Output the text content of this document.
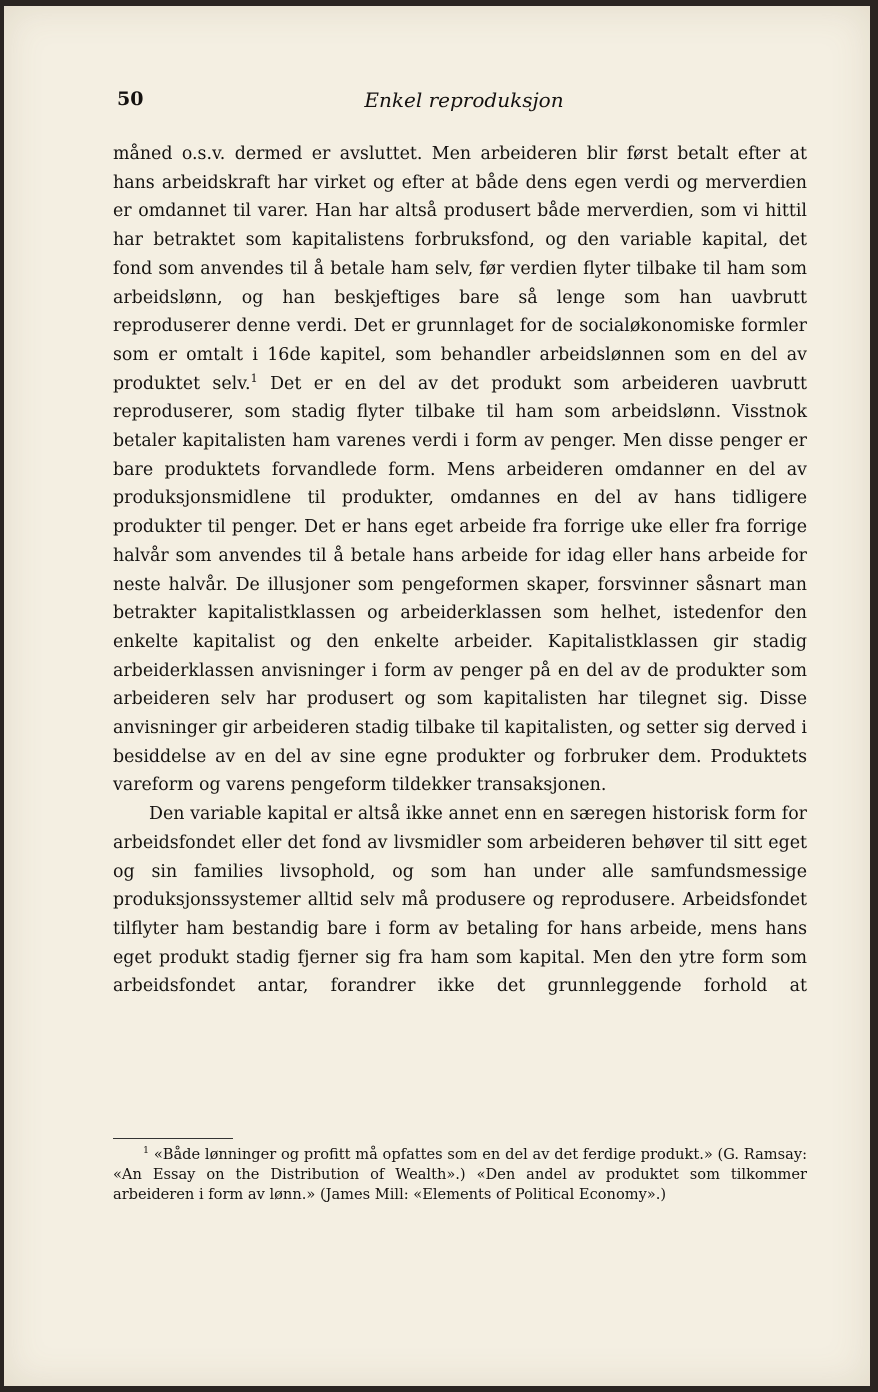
50	Enkel reproduksjon

måned o.s.v. dermed er avsluttet. Men arbeideren blir først betalt efter at hans arbeidskraft har virket og efter at både dens egen verdi og merverdien er omdannet til varer. Han har altså produsert både merverdien, som vi hittil har betraktet som kapitalistens forbruksfond, og den variable kapital, det fond som anvendes til å betale ham selv, før verdien flyter tilbake til ham som arbeidslønn, og han beskjeftiges bare så lenge som han uavbrutt reproduserer denne verdi. Det er grunnlaget for de socialøkonomiske formler som er omtalt i 16de kapitel, som behandler arbeidslønnen som en del av produktet selv.$^1$ Det er en del av det produkt som arbeideren uavbrutt reproduserer, som stadig flyter tilbake til ham som arbeidslønn. Visstnok betaler kapitalisten ham varenes verdi i form av penger. Men disse penger er bare produktets forvandlede form. Mens arbeideren omdanner en del av produksjonsmidlene til produkter, omdannes en del av hans tidligere produkter til penger. Det er hans eget arbeide fra forrige uke eller fra forrige halvår som anvendes til å betale hans arbeide for idag eller hans arbeide for neste halvår. De illusjoner som pengeformen skaper, forsvinner såsnart man betrakter kapitalistklassen og arbeiderklassen som helhet, istedenfor den enkelte kapitalist og den enkelte arbeider. Kapitalistklassen gir stadig arbeiderklassen anvisninger i form av penger på en del av de produkter som arbeideren selv har produsert og som kapitalisten har tilegnet sig. Disse anvisninger gir arbeideren stadig tilbake til kapitalisten, og setter sig derved i besiddelse av en del av sine egne produkter og forbruker dem. Produktets vareform og varens pengeform tildekker transaksjonen.

Den variable kapital er altså ikke annet enn en særegen historisk form for arbeidsfondet eller det fond av livsmidler som arbeideren behøver til sitt eget og sin families livsophold, og som han under alle samfundsmessige produksjonssystemer alltid selv må produsere og reprodusere. Arbeidsfondet tilflyter ham bestandig bare i form av betaling for hans arbeide, mens hans eget produkt stadig fjerner sig fra ham som kapital. Men den ytre form som arbeidsfondet antar, forandrer ikke det grunnleggende forhold at

$^1$ «Både lønninger og profitt må opfattes som en del av det ferdige produkt.» (G. Ramsay: «An Essay on the Distribution of Wealth».) «Den andel av produktet som tilkommer arbeideren i form av lønn.» (James Mill: «Elements of Political Economy».)
